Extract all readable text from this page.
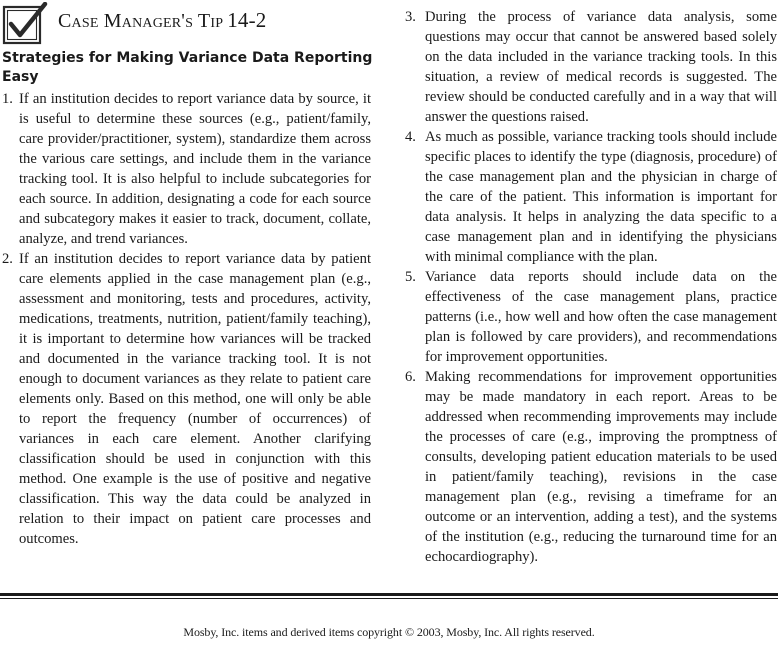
Case Manager's Tip 14-2
Strategies for Making Variance Data Reporting Easy
1. If an institution decides to report variance data by source, it is useful to determine these sources (e.g., patient/family, care provider/practitioner, system), standardize them across the various care settings, and include them in the variance tracking tool. It is also helpful to include subcategories for each source. In addition, designating a code for each source and subcategory makes it easier to track, document, collate, analyze, and trend variances.
2. If an institution decides to report variance data by patient care elements applied in the case management plan (e.g., assessment and monitoring, tests and procedures, activity, medications, treatments, nutrition, patient/family teaching), it is important to determine how variances will be tracked and documented in the variance tracking tool. It is not enough to document variances as they relate to patient care elements only. Based on this method, one will only be able to report the frequency (number of occurrences) of variances in each care element. Another clarifying classification should be used in conjunction with this method. One example is the use of positive and negative classification. This way the data could be analyzed in relation to their impact on patient care processes and outcomes.
3. During the process of variance data analysis, some questions may occur that cannot be answered based solely on the data included in the variance tracking tools. In this situation, a review of medical records is suggested. The review should be conducted carefully and in a way that will answer the questions raised.
4. As much as possible, variance tracking tools should include specific places to identify the type (diagnosis, procedure) of the case management plan and the physician in charge of the care of the patient. This information is important for data analysis. It helps in analyzing the data specific to a case management plan and in identifying the physicians with minimal compliance with the plan.
5. Variance data reports should include data on the effectiveness of the case management plans, practice patterns (i.e., how well and how often the case management plan is followed by care providers), and recommendations for improvement opportunities.
6. Making recommendations for improvement opportunities may be made mandatory in each report. Areas to be addressed when recommending improvements may include the processes of care (e.g., improving the promptness of consults, developing patient education materials to be used in patient/family teaching), revisions in the case management plan (e.g., revising a timeframe for an outcome or an intervention, adding a test), and the systems of the institution (e.g., reducing the turnaround time for an echocardiography).
Mosby, Inc. items and derived items copyright © 2003, Mosby, Inc. All rights reserved.
